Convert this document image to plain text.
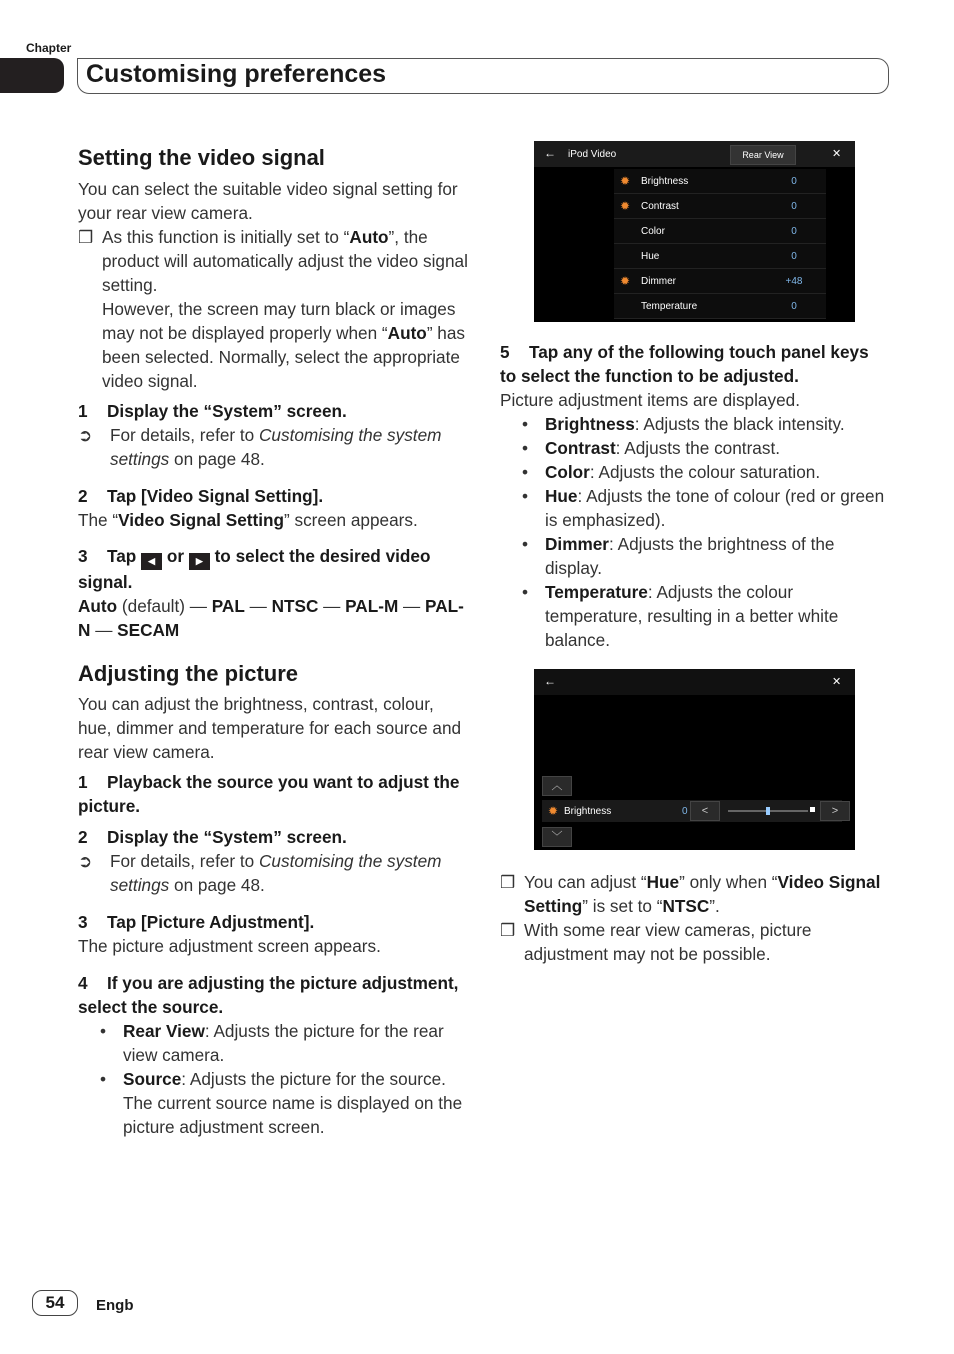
Chapter
Customising preferences
Setting the video signal
You can select the suitable video signal setting for your rear view camera.
❒ As this function is initially set to “Auto”, the product will automatically adjust the video signal setting.
However, the screen may turn black or images may not be displayed properly when “Auto” has been selected. Normally, select the appropriate video signal.
1 Display the “System” screen.
➲ For details, refer to Customising the system settings on page 48.
2 Tap [Video Signal Setting].
The “Video Signal Setting” screen appears.
3 Tap ◀ or ▶ to select the desired video signal.
Auto (default) — PAL — NTSC — PAL-M — PAL-N — SECAM
Adjusting the picture
You can adjust the brightness, contrast, colour, hue, dimmer and temperature for each source and rear view camera.
1 Playback the source you want to adjust the picture.
2 Display the “System” screen.
➲ For details, refer to Customising the system settings on page 48.
3 Tap [Picture Adjustment].
The picture adjustment screen appears.
4 If you are adjusting the picture adjustment, select the source.
• Rear View: Adjusts the picture for the rear view camera.
• Source: Adjusts the picture for the source. The current source name is displayed on the picture adjustment screen.
← iPod Video	Rear View	✕
✹ Brightness	0
✹ Contrast	0
Color	0
Hue	0
✹ Dimmer	+48
Temperature	0
5 Tap any of the following touch panel keys to select the function to be adjusted.
Picture adjustment items are displayed.
• Brightness: Adjusts the black intensity.
• Contrast: Adjusts the contrast.
• Color: Adjusts the colour saturation.
• Hue: Adjusts the tone of colour (red or green is emphasized).
• Dimmer: Adjusts the brightness of the display.
• Temperature: Adjusts the colour temperature, resulting in a better white balance.
←	✕
︿
✹ Brightness	0	<	>
﹀
❒ You can adjust “Hue” only when “Video Signal Setting” is set to “NTSC”.
❒ With some rear view cameras, picture adjustment may not be possible.
54	Engb
